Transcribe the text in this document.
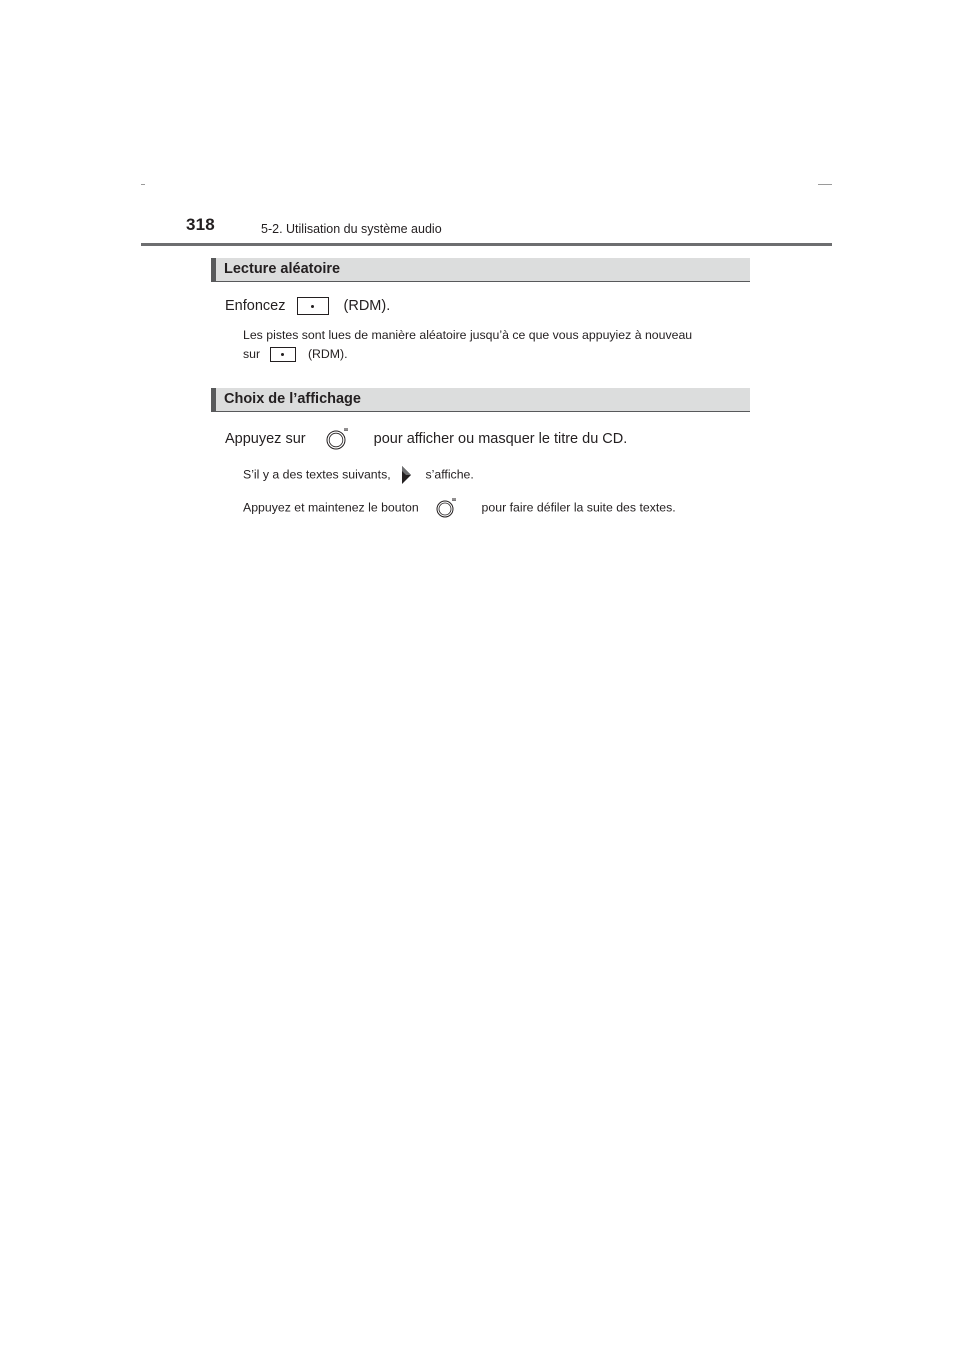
318	5-2. Utilisation du système audio
Lecture aléatoire
Enfoncez	(RDM).
Les pistes sont lues de manière aléatoire jusqu’à ce que vous appuyiez à nouveau
sur	(RDM).
Choix de l’affichage
Appuyez sur	pour afficher ou masquer le titre du CD.
S’il y a des textes suivants,	s’affiche.
Appuyez et maintenez le bouton	pour faire défiler la suite des textes.
